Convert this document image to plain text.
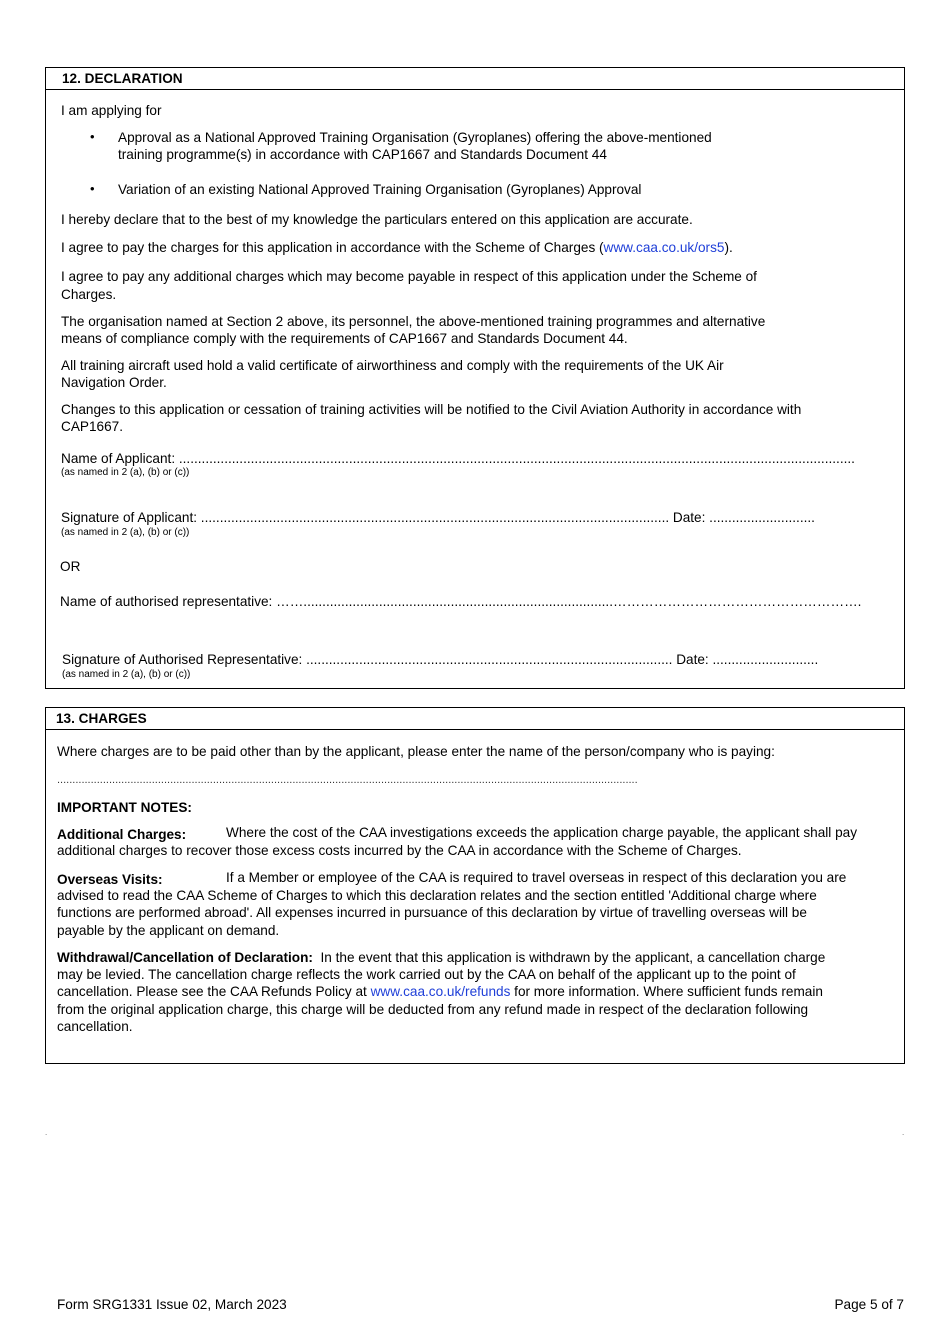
12. DECLARATION
I am applying for
• Approval as a National Approved Training Organisation (Gyroplanes) offering the above-mentioned
training programme(s) in accordance with CAP1667 and Standards Document 44
• Variation of an existing National Approved Training Organisation (Gyroplanes) Approval
I hereby declare that to the best of my knowledge the particulars entered on this application are accurate.
I agree to pay the charges for this application in accordance with the Scheme of Charges (www.caa.co.uk/ors5).
I agree to pay any additional charges which may become payable in respect of this application under the Scheme of
Charges.
The organisation named at Section 2 above, its personnel, the above-mentioned training programmes and alternative
means of compliance comply with the requirements of CAP1667 and Standards Document 44.
All training aircraft used hold a valid certificate of airworthiness and comply with the requirements of the UK Air
Navigation Order.
Changes to this application or cessation of training activities will be notified to the Civil Aviation Authority in accordance with
CAP1667.
Name of Applicant: ...................................................................................................................................................................................
(as named in 2 (a), (b) or (c))
Signature of Applicant: ............................................................................................................................ Date: ............................
(as named in 2 (a), (b) or (c))
OR
Name of authorised representative: ……..................................................................................……………………………………………….
Signature of Authorised Representative: ................................................................................................. Date: ............................
(as named in 2 (a), (b) or (c))
13. CHARGES
Where charges are to be paid other than by the applicant, please enter the name of the person/company who is paying:
..............................................................................................................................................................................................
IMPORTANT NOTES:
Additional Charges:	Where the cost of the CAA investigations exceeds the application charge payable, the applicant shall pay
additional charges to recover those excess costs incurred by the CAA in accordance with the Scheme of Charges.
Overseas Visits:	If a Member or employee of the CAA is required to travel overseas in respect of this declaration you are
advised to read the CAA Scheme of Charges to which this declaration relates and the section entitled 'Additional charge where
functions are performed abroad'. All expenses incurred in pursuance of this declaration by virtue of travelling overseas will be
payable by the applicant on demand.
Withdrawal/Cancellation of Declaration: In the event that this application is withdrawn by the applicant, a cancellation charge
may be levied. The cancellation charge reflects the work carried out by the CAA on behalf of the applicant up to the point of
cancellation. Please see the CAA Refunds Policy at www.caa.co.uk/refunds for more information. Where sufficient funds remain
from the original application charge, this charge will be deducted from any refund made in respect of the declaration following
cancellation.
.	.
Form SRG1331 Issue 02, March 2023	Page 5 of 7
